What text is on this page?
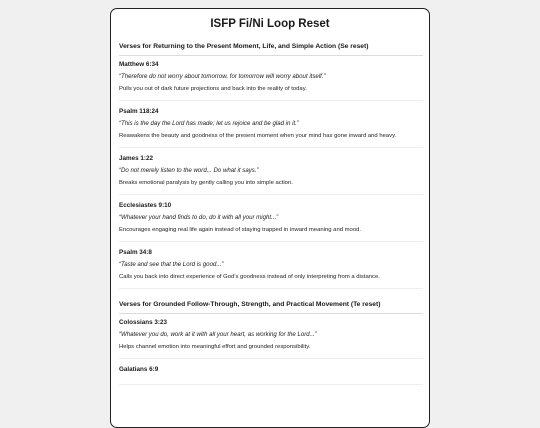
ISFP Fi/Ni Loop Reset
Verses for Returning to the Present Moment, Life, and Simple Action (Se reset)
Matthew 6:34
“Therefore do not worry about tomorrow, for tomorrow will worry about itself.”
Pulls you out of dark future projections and back into the reality of today.
Psalm 118:24
“This is the day the Lord has made; let us rejoice and be glad in it.”
Reawakens the beauty and goodness of the present moment when your mind has gone inward and heavy.
James 1:22
“Do not merely listen to the word... Do what it says.”
Breaks emotional paralysis by gently calling you into simple action.
Ecclesiastes 9:10
“Whatever your hand finds to do, do it with all your might...”
Encourages engaging real life again instead of staying trapped in inward meaning and mood.
Psalm 34:8
“Taste and see that the Lord is good...”
Calls you back into direct experience of God’s goodness instead of only interpreting from a distance.
Verses for Grounded Follow-Through, Strength, and Practical Movement (Te reset)
Colossians 3:23
“Whatever you do, work at it with all your heart, as working for the Lord...”
Helps channel emotion into meaningful effort and grounded responsibility.
Galatians 6:9
